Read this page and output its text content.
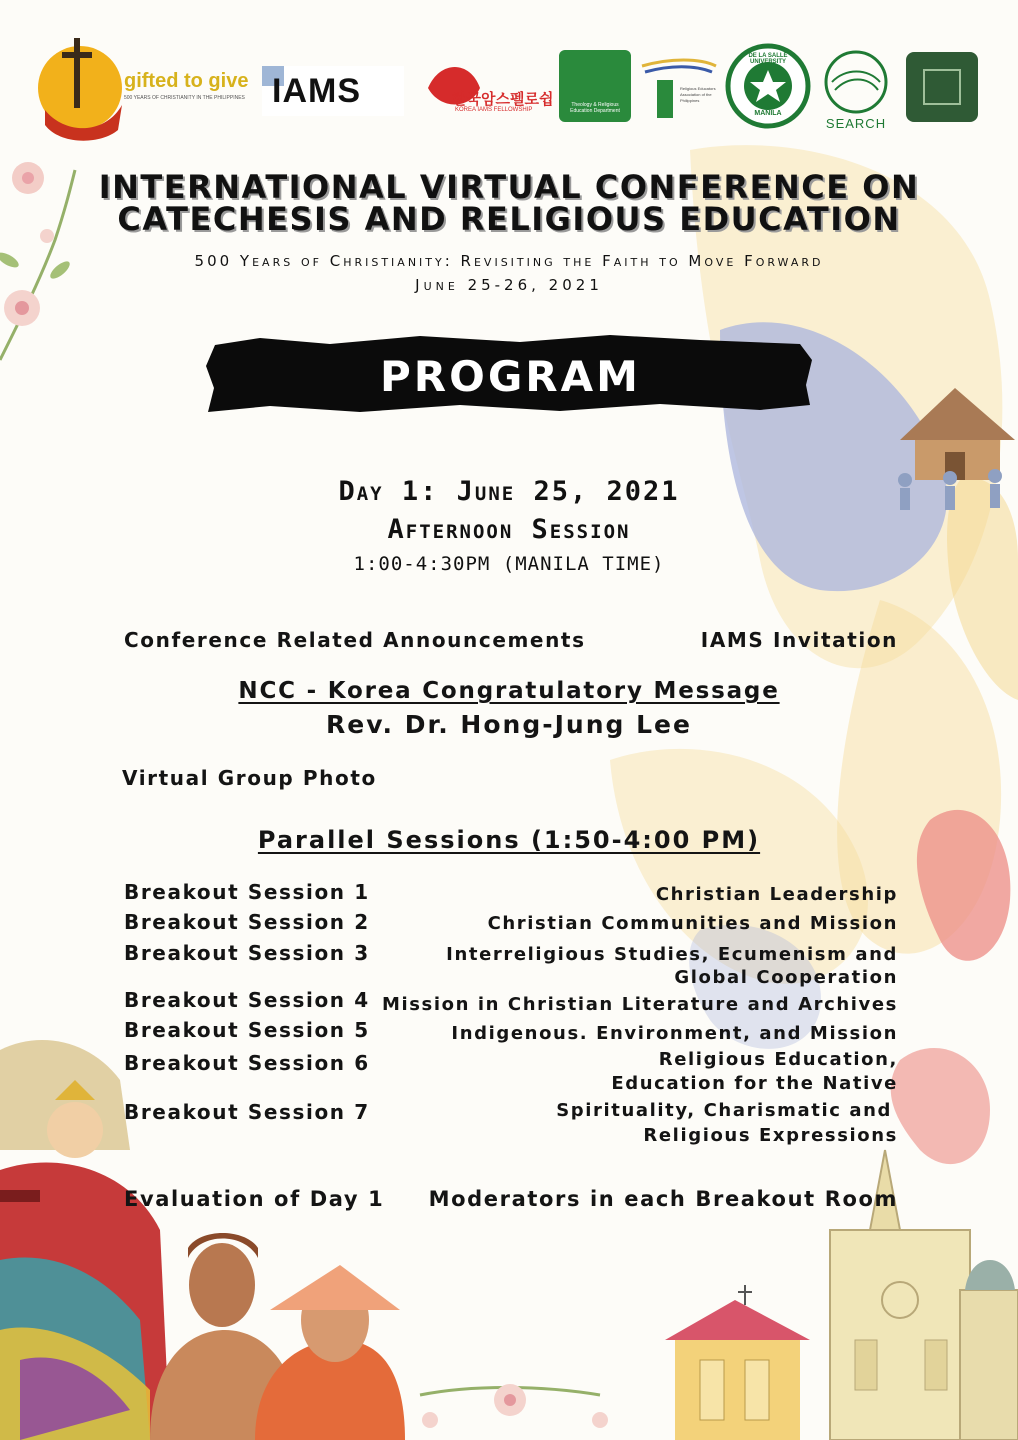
gifted to give
500 YEARS OF CHRISTIANITY IN THE PHILIPPINES IAMS	한국암스펠로쉽
KOREA IAMS FELLOWSHIP
Theology & Religious Education Department
Religious Educators Association of the Philippines
DE LA SALLE UNIVERSITY
MANILA
SEARCH
INTERNATIONAL VIRTUAL CONFERENCE ON
CATECHESIS AND RELIGIOUS EDUCATION
500 Years of Christianity: Revisiting the Faith to Move Forward
June 25-26, 2021
PROGRAM
Day 1: June 25, 2021
Afternoon Session
1:00-4:30PM (MANILA TIME)
Conference Related Announcements	IAMS Invitation
NCC - Korea Congratulatory Message
Rev. Dr. Hong-Jung Lee
Virtual Group Photo
Parallel Sessions (1:50-4:00 PM)
Breakout Session 1	Christian Leadership
Breakout Session 2	Christian Communities and Mission
Breakout Session 3	Interreligious Studies, Ecumenism and
Global Cooperation
Breakout Session 4 Mission in Christian Literature and Archives
Breakout Session 5	Indigenous. Environment, and Mission
Breakout Session 6	Religious Education,
Education for the Native
Breakout Session 7	Spirituality, Charismatic and
Religious Expressions
Evaluation of Day 1 Moderators in each Breakout Room
